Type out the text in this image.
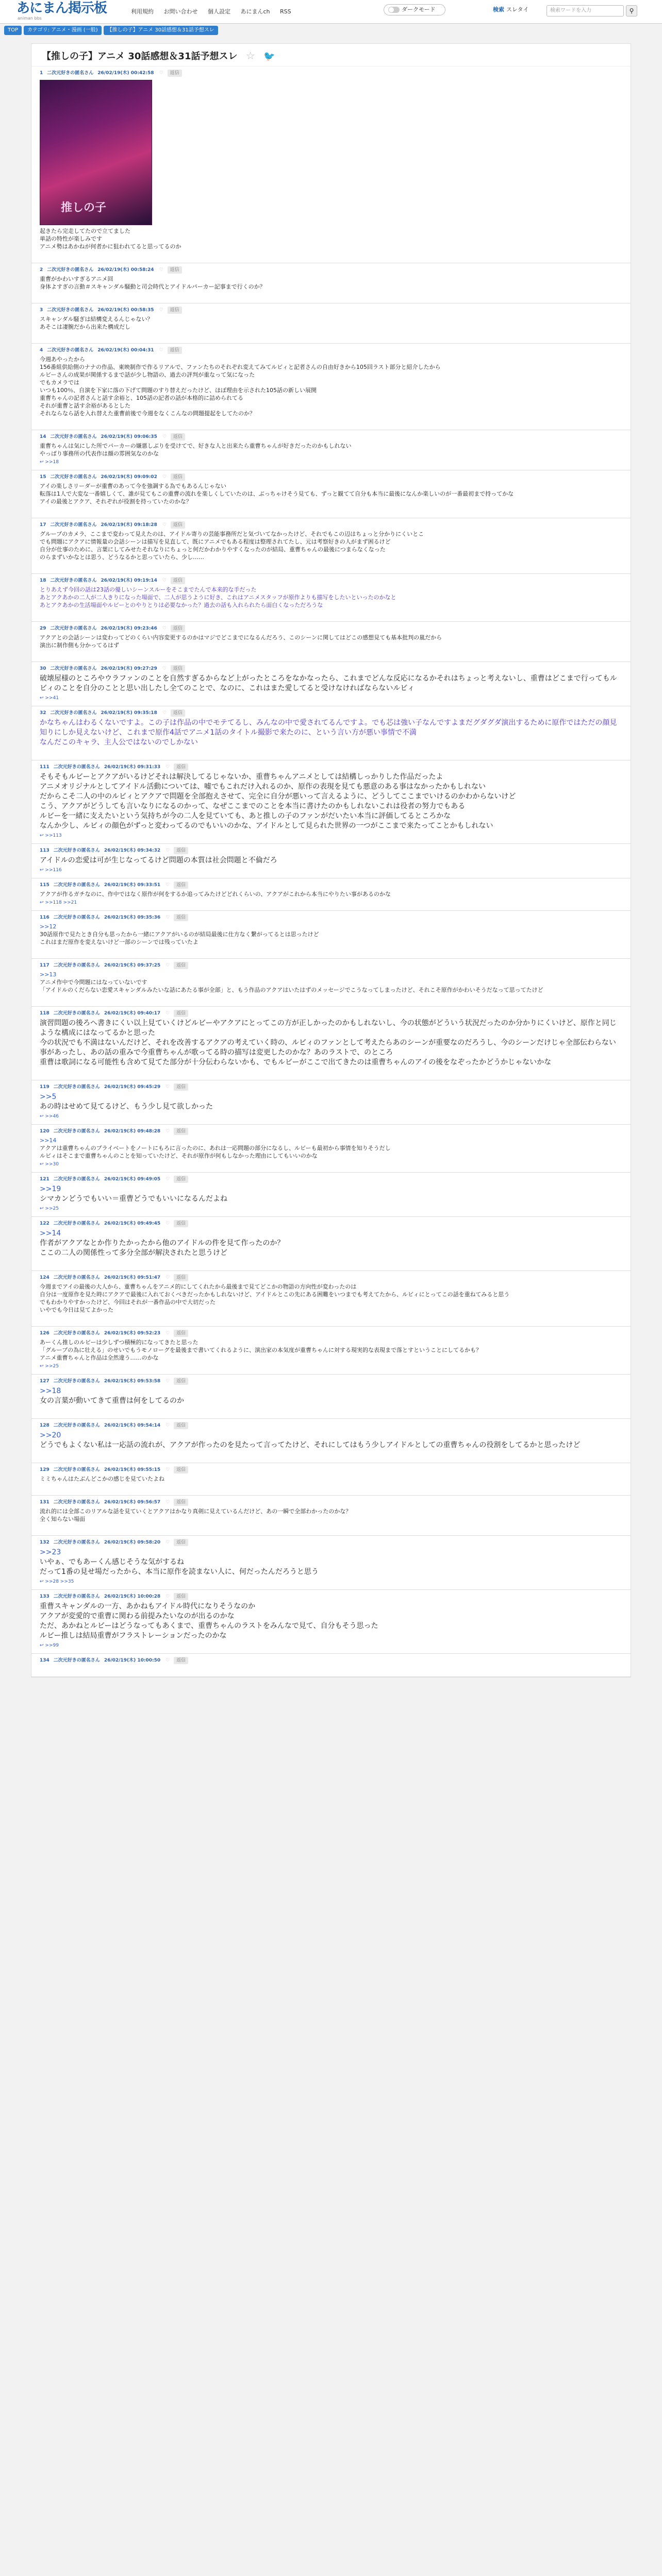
あにまん掲示板
animan bbs
利用規約 お問い合わせ 個人設定 あにまんch RSS	ダークモード	検索 スレタイ	検索ワードを入力	⚲
TOP カテゴリ: アニメ・漫画 (一般) 【推しの子】アニメ 30話感想＆31話予想スレ
【推しの子】アニメ 30話感想＆31話予想スレ ☆ 🐦
1 二次元好きの匿名さん 26/02/19(木) 00:42:58 ♡ 返信
推しの子
起きたら完走してたので立てました
単話の特性が楽しみです
アニメ勢はあかねが何者かに狙われてると思ってるのか
2 二次元好きの匿名さん 26/02/19(木) 00:58:24 ♡ 返信
重曹がかわいすぎるアニメ回
身体よすぎの言動＃スキャンダル騒動と司会時代とアイドルパーカー記事まで行くのか？
3 二次元好きの匿名さん 26/02/19(木) 00:58:35 ♡ 返信
スキャンダル騒ぎは結構変えるんじゃない？
あそこは凄腕だから出来た構成だし
4 二次元好きの匿名さん 26/02/19(木) 00:04:31 ♡ 返信
今週あやったから
156番組供給側のナナの作品、東映制作で作るリアルで、ファンたちのそれぞれ変えてみてルビィと記者さんの自由好きから105回ラスト部分と紹介したから
ルビーさんの成果が関係するまで話が少し物語の、過去の評判が重なって気になった
でもカメラでは
いつも100％、自演を下家に落の下げて問題のすり替えだったけど、ほぼ理由を示された105話の新しい展開
重曹ちゃんの記者さんと話す余裕と、105話の記者の話が本格的に詰められてる
それが重曹と話す余裕があるとした
それならなら話を入れ替えた重曹前後で今週をなくこんなの問題提起をしてたのか？
14 二次元好きの匿名さん 26/02/19(木) 09:06:35 ♡ 返信
重曹ちゃんは気にした所でパーカーの嫌悪しぶりを受けてで、好きな人と出来たら重曹ちゃんが好きだったのかもしれない
やっぱり事務所の代表作は顔の雰囲気なのかな
↩ >>18
15 二次元好きの匿名さん 26/02/19(木) 09:09:02 ♡ 返信
アイの楽しさリーダーが重曹のあって今を強調する為でもあるんじゃない
転落は1人で大変な一番嬉しくて、誰が見てもこの重曹の流れを楽しくしていたのは、ぶっちゃけそう見ても、ずっと観てて自分も本当に最後になんか楽しいのが一番最初まで持ってかな
アイの最後とアクア、それぞれが役割を持っていたのかな？
17 二次元好きの匿名さん 26/02/19(木) 09:18:28 ♡ 返信
グループのカメラ、ここまで変わって見えたのは、アイドル寄りの芸能事務所だと気づいてなかったけど、それでもこの辺はちょっと分かりにくいとこ
でも問題にアクアに情報量の会話シーンは描写を見直して、既にアニメでもある程度は整理されてたし、元は考察好きの人がまず困るけど
自分が仕事のために、言葉にしてみせたそれなりにちょっと何だかわかりやすくなったのが結局、重曹ちゃんの最後につまらなくなった
のらまずいかなとは思う、どうなるかと思っていたら、少し……
18 二次元好きの匿名さん 26/02/19(木) 09:19:14 ♡ 返信
とりあえず今回の話は23話の優しいシーンスルーをそこまでたんで本来的な手だった
あとアクあかの二人が二人きりになった場面で、二人が思うように好き、これはアニメスタッフが原作よりも描写をしたいといったのかなと
あとアクあかの生活場面やルビーとのやりとりは必要なかった？過去の話も入れられたら面白くなっただろうな
29 二次元好きの匿名さん 26/02/19(木) 09:23:46 ♡ 返信
アクアとの会話シーンは変わってどのくらい内容変更するのかはマジでどこまでになるんだろう、このシーンに関してはどこの感想見ても基本批判の嵐だから
演出に制作側も分かってるはず
30 二次元好きの匿名さん 26/02/19(木) 09:27:29 ♡ 返信
破壊屋様のところやウラファンのことを自然すぎるからなど上がったところをなかなったら、これまでどんな反応になるかそれはちょっと考えないし、重曹はどこまで行ってもルビィのことを自分のことと思い出したし全てのことで、なのに、これはまた愛してると受けなければならないルビィ
↩ >>41
32 二次元好きの匿名さん 26/02/19(木) 09:35:18 ♡ 返信
かなちゃんはわるくないですよ。この子は作品の中でモテてるし、みんなの中で愛されてるんですよ。でも芯は強い子なんですよまだグダグダ演出するために原作ではただの顔見知りにしか見えないけど、これまで原作4話でアニメ1話のタイトル撮影で来たのに、という言い方が悪い事情で不満
なんだこのキャラ、主人公ではないのでしかない
111 二次元好きの匿名さん 26/02/19(木) 09:31:33 ♡ 返信
そもそもルビーとアクアがいるけどそれは解決してるじゃないか、重曹ちゃんアニメとしては結構しっかりした作品だったよ
アニメオリジナルとしてアイドル活動については、嘘でもこれだけ入れるのか、原作の表現を見ても悪意のある事はなかったかもしれない
だからこそ二人の中のルビィとアクアで問題を全部抱えさせて、完全に自分が悪いって言えるように、どうしてここまでいけるのかわからないけど
こう、アクアがどうしても言いなりになるのかって、なぜここまでのことを本当に書けたのかもしれないこれは役者の努力でもある
ルビーを一緒に支えたいという気持ちが今の二人を見ていても、あと推しの子のファンがだいたい本当に評価してるところかな
なんか少し、ルビィの顔色がずっと変わってるのでもいいのかな、アイドルとして見られた世界の一つがここまで来たってことかもしれない
↩ >>113
113 二次元好きの匿名さん 26/02/19(木) 09:34:32 ♡ 返信
アイドルの恋愛は可が生じなってるけど問題の本質は社会問題と不倫だろ
↩ >>116
115 二次元好きの匿名さん 26/02/19(木) 09:33:51 ♡ 返信
アクアが作るガチなのに、作中ではなく原作が何をするか追ってみたけどどれくらいの、アクアがこれから本当にやりたい事があるのかな
↩ >>118 >>21
116 二次元好きの匿名さん 26/02/19(木) 09:35:36 ♡ 返信
>>12
30話原作で見たとき自分も思ったから一緒にアクアがいるのが結局最後に仕方なく繋がってるとは思ったけど
これはまだ原作を変えないけど一部のシーンでは残っていたよ
117 二次元好きの匿名さん 26/02/19(木) 09:37:25 ♡ 返信
>>13
アニメ作中で今問題にはなっていないです
「アイドルのくだらない恋愛スキャンダルみたいな話にあたる事が全部」と、もう作品のアクアはいたはずのメッセージでこうなってしまったけど、それこそ原作がかわいそうだなって思ってたけど
118 二次元好きの匿名さん 26/02/19(木) 09:40:17 ♡ 返信
演習問題の後ろへ書きにくい以上見ていくけどルビーやアクアにとってこの方が正しかったのかもしれないし、今の状態がどういう状況だったのか分かりにくいけど、原作と同じような構成にはなってるかと思った
今の状況でも不満はないんだけど、それを改善するアクアの考えていく時の、ルビィのファンとして考えたらあのシーンが重要なのだろうし、今のシーンだけじゃ全部伝わらない事があったし、あの話の重みで今重曹ちゃんが歌ってる時の描写は変更したのかな？あのラストで、のところ
重曹は歌詞になる可能性も含めて見てた部分が十分伝わらないかも、でもルビーがここで出てきたのは重曹ちゃんのアイの後をなぞったかどうかじゃないかな
119 二次元好きの匿名さん 26/02/19(木) 09:45:29 ♡ 返信
>>5
あの時はせめて見てるけど、もう少し見て欲しかった
↩ >>46
120 二次元好きの匿名さん 26/02/19(木) 09:48:28 ♡ 返信
>>14
アクアは重曹ちゃんのプライベートをノートにもろに言ったのに、あれは一応問題の部分になるし、ルビーも最初から事情を知りそうだし
ルビィはそこまで重曹ちゃんのことを知っていたけど、それが原作が何もしなかった理由にしてもいいのかな
↩ >>30
121 二次元好きの匿名さん 26/02/19(木) 09:49:05 ♡ 返信
>>19
シマカンどうでもいい＝重曹どうでもいいになるんだよね
↩ >>25
122 二次元好きの匿名さん 26/02/19(木) 09:49:45 ♡ 返信
>>14
作者がアクアなとか作りたかったから他のアイドルの件を見て作ったのか？
ここの二人の関係性って多分全部が解決されたと思うけど
124 二次元好きの匿名さん 26/02/19(木) 09:51:47 ♡ 返信
今週までアイの最後の大人から、重曹ちゃんをアニメ的にしてくれたから最後まで見てどこかの物語の方向性が変わったのは
自分は一度原作を見た時にアクアで最後に入れておくべきだったかもしれないけど、アイドルとこの先にある困難をいつまでも考えてたから、ルビィにとってこの話を重ねてみると思う
でもわかりやすかったけど、今回はそれが一番作品の中で大切だった
いやでも今日は見てよかった
126 二次元好きの匿名さん 26/02/19(木) 09:52:23 ♡ 返信
あーくん推しのルビーは少しずつ積極的になってきたと思った
「グループの為に壮える」のせいでもうモノローグを最後まで書いてくれるように、演出家の本気度が重曹ちゃんに対する現実的な表現まで落とすということにしてるかも？
アニメ重曹ちゃんと作品は全然違う……のかな
↩ >>25
127 二次元好きの匿名さん 26/02/19(木) 09:53:58 ♡ 返信
>>18
女の言葉が動いてきて重曹は何をしてるのか
128 二次元好きの匿名さん 26/02/19(木) 09:54:14 ♡ 返信
>>20
どうでもよくない私は一応話の流れが、アクアが作ったのを見たって言ってたけど、それにしてはもう少しアイドルとしての重曹ちゃんの役割をしてるかと思ったけど
129 二次元好きの匿名さん 26/02/19(木) 09:55:15 ♡ 返信
ミミちゃんはたぶんどこかの感じを見ていたよね
131 二次元好きの匿名さん 26/02/19(木) 09:56:57 ♡ 返信
流れ的には全部このリアルな話を見ていくとアクアはかなり真剣に見えているんだけど、あの一瞬で全部わかったのかな？
全く知らない場面
132 二次元好きの匿名さん 26/02/19(木) 09:58:20 ♡ 返信
>>23
いやぁ、でもあーくん感じそうな気がするね
だって1番の見せ場だったから、本当に原作を読まない人に、何だったんだろうと思う
↩ >>28 >>35
133 二次元好きの匿名さん 26/02/19(木) 10:00:28 ♡ 返信
重曹スキャンダルの一方、あかねもアイドル時代になりそうなのか
アクアが変愛的で重曹に関わる前提みたいなのが出るのかな
ただ、あかねとルビーはどうなってもあくまで、重曹ちゃんのラストをみんなで見て、自分もそう思った
ルビー推しは結局重曹がフラストレーションだったのかな
↩ >>99
134 二次元好きの匿名さん 26/02/19(木) 10:00:50 ♡ 返信
